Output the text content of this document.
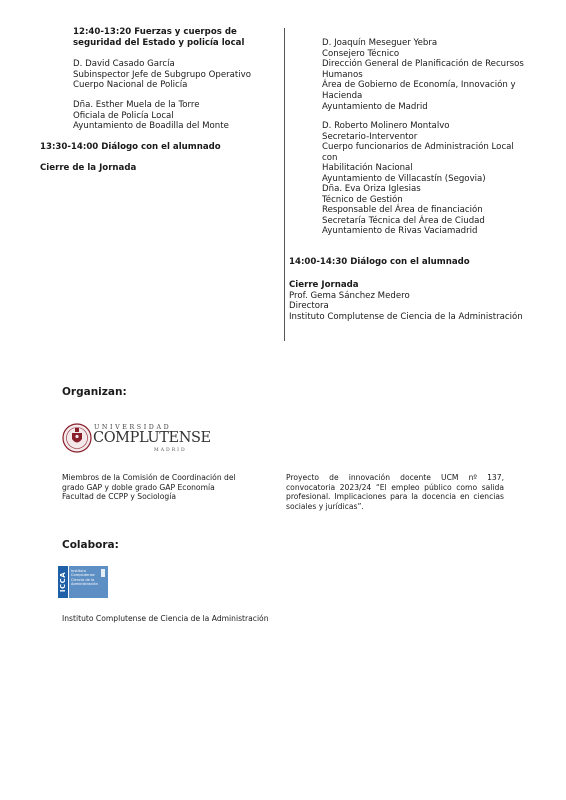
12:40-13:20 Fuerzas y cuerpos de
seguridad del Estado y policía local
D. David Casado García
Subinspector Jefe de Subgrupo Operativo
Cuerpo Nacional de Policía
Dña. Esther Muela de la Torre
Oficiala de Policía Local
Ayuntamiento de Boadilla del Monte
13:30-14:00 Diálogo con el alumnado
Cierre de la Jornada
D. Joaquín Meseguer Yebra
Consejero Técnico
Dirección General de Planificación de Recursos
Humanos
Área de Gobierno de Economía, Innovación y
Hacienda
Ayuntamiento de Madrid
D. Roberto Molinero Montalvo
Secretario-Interventor
Cuerpo funcionarios de Administración Local con
Habilitación Nacional
Ayuntamiento de Villacastín (Segovia)
Dña. Eva Oriza Iglesias
Técnico de Gestión
Responsable del Área de financiación
Secretaría Técnica del Área de Ciudad
Ayuntamiento de Rivas Vaciamadrid
14:00-14:30 Diálogo con el alumnado
Cierre Jornada
Prof. Gema Sánchez Medero
Directora
Instituto Complutense de Ciencia de la Administración
Organizan:
UNIVERSIDAD
COMPLUTENSE
MADRID
Miembros de la Comisión de Coordinación del
grado GAP y doble grado GAP Economía
Facultad de CCPP y Sociología
Proyecto de innovación docente UCM nº 137, convocatoria 2023/24 “El empleo público como salida profesional. Implicaciones para la docencia en ciencias sociales y jurídicas”.
Colabora:
ICCA
Instituto
Complutense
Ciencia de la
Administración
Instituto Complutense de Ciencia de la Administración
